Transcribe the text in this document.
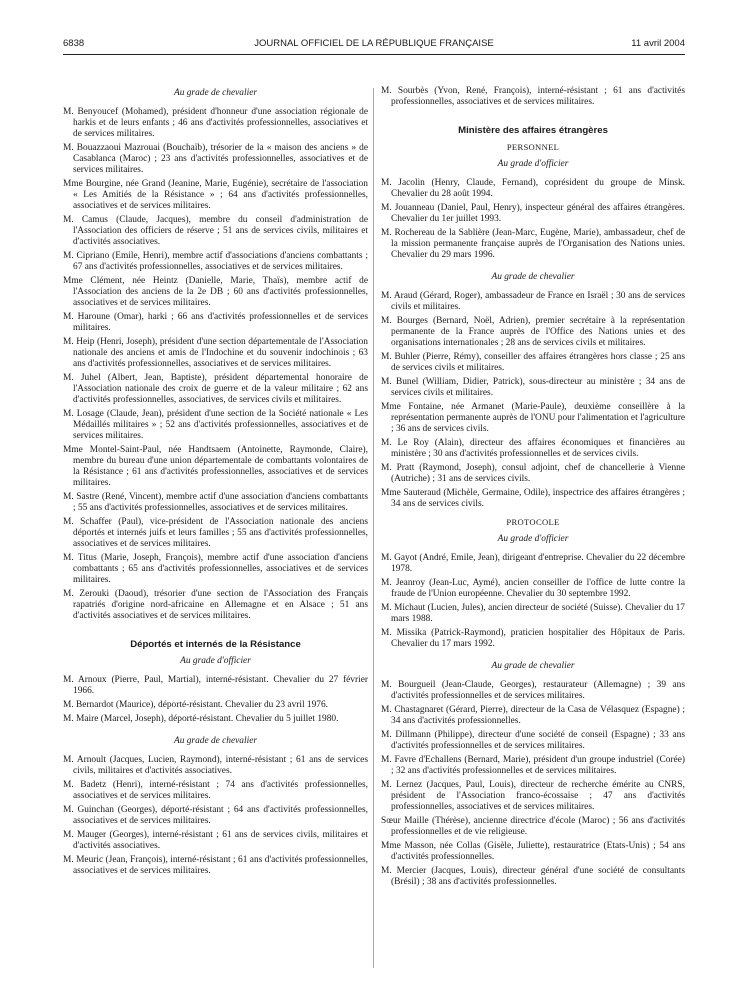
6838	JOURNAL OFFICIEL DE LA RÉPUBLIQUE FRANÇAISE	11 avril 2004
Au grade de chevalier

M. Benyoucef (Mohamed), président d'honneur d'une association régionale de harkis et de leurs enfants ; 46 ans d'activités professionnelles, associatives et de services militaires.

M. Bouazzaoui Mazrouai (Bouchaïb), trésorier de la « maison des anciens » de Casablanca (Maroc) ; 23 ans d'activités professionnelles, associatives et de services militaires.

Mme Bourgine, née Grand (Jeanine, Marie, Eugénie), secrétaire de l'association « Les Amitiés de la Résistance » ; 64 ans d'activités professionnelles, associatives et de services militaires.

M. Camus (Claude, Jacques), membre du conseil d'administration de l'Association des officiers de réserve ; 51 ans de services civils, militaires et d'activités associatives.

M. Cipriano (Emile, Henri), membre actif d'associations d'anciens combattants ; 67 ans d'activités professionnelles, associatives et de services militaires.

Mme Clément, née Heintz (Danielle, Marie, Thaïs), membre actif de l'Association des anciens de la 2e DB ; 60 ans d'activités professionnelles, associatives et de services militaires.

M. Haroune (Omar), harki ; 66 ans d'activités professionnelles et de services militaires.

M. Heip (Henri, Joseph), président d'une section départementale de l'Association nationale des anciens et amis de l'Indochine et du souvenir indochinois ; 63 ans d'activités professionnelles, associatives et de services militaires.

M. Juhel (Albert, Jean, Baptiste), président départemental honoraire de l'Association nationale des croix de guerre et de la valeur militaire ; 62 ans d'activités professionnelles, associatives, de services civils et militaires.

M. Losage (Claude, Jean), président d'une section de la Société nationale « Les Médaillés militaires » ; 52 ans d'activités professionnelles, associatives et de services militaires.

Mme Montel-Saint-Paul, née Handtsaem (Antoinette, Raymonde, Claire), membre du bureau d'une union départementale de combattants volontaires de la Résistance ; 61 ans d'activités professionnelles, associatives et de services militaires.

M. Sastre (René, Vincent), membre actif d'une association d'anciens combattants ; 55 ans d'activités professionnelles, associatives et de services militaires.

M. Schaffer (Paul), vice-président de l'Association nationale des anciens déportés et internés juifs et leurs familles ; 55 ans d'activités professionnelles, associatives et de services militaires.

M. Titus (Marie, Joseph, François), membre actif d'une association d'anciens combattants ; 65 ans d'activités professionnelles, associatives et de services militaires.

M. Zerouki (Daoud), trésorier d'une section de l'Association des Français rapatriés d'origine nord-africaine en Allemagne et en Alsace ; 51 ans d'activités associatives et de services militaires.

Déportés et internés de la Résistance
Au grade d'officier

M. Arnoux (Pierre, Paul, Martial), interné-résistant. Chevalier du 27 février 1966.

M. Bernardot (Maurice), déporté-résistant. Chevalier du 23 avril 1976.

M. Maire (Marcel, Joseph), déporté-résistant. Chevalier du 5 juillet 1980.

Au grade de chevalier

M. Arnoult (Jacques, Lucien, Raymond), interné-résistant ; 61 ans de services civils, militaires et d'activités associatives.

M. Badetz (Henri), interné-résistant ; 74 ans d'activités professionnelles, associatives et de services militaires.

M. Guinchan (Georges), déporté-résistant ; 64 ans d'activités professionnelles, associatives et de services militaires.

M. Mauger (Georges), interné-résistant ; 61 ans de services civils, militaires et d'activités associatives.

M. Meuric (Jean, François), interné-résistant ; 61 ans d'activités professionnelles, associatives et de services militaires.

M. Sourbès (Yvon, René, François), interné-résistant ; 61 ans d'activités professionnelles, associatives et de services militaires.

Ministère des affaires étrangères
PERSONNEL
Au grade d'officier

M. Jacolin (Henry, Claude, Fernand), coprésident du groupe de Minsk. Chevalier du 28 août 1994.

M. Jouanneau (Daniel, Paul, Henry), inspecteur général des affaires étrangères. Chevalier du 1er juillet 1993.

M. Rochereau de la Sablière (Jean-Marc, Eugène, Marie), ambassadeur, chef de la mission permanente française auprès de l'Organisation des Nations unies. Chevalier du 29 mars 1996.

Au grade de chevalier

M. Araud (Gérard, Roger), ambassadeur de France en Israël ; 30 ans de services civils et militaires.

M. Bourges (Bernard, Noël, Adrien), premier secrétaire à la représentation permanente de la France auprès de l'Office des Nations unies et des organisations internationales ; 28 ans de services civils et militaires.

M. Buhler (Pierre, Rémy), conseiller des affaires étrangères hors classe ; 25 ans de services civils et militaires.

M. Bunel (William, Didier, Patrick), sous-directeur au ministère ; 34 ans de services civils et militaires.

Mme Fontaine, née Armanet (Marie-Paule), deuxième conseillère à la représentation permanente auprès de l'ONU pour l'alimentation et l'agriculture ; 36 ans de services civils.

M. Le Roy (Alain), directeur des affaires économiques et financières au ministère ; 30 ans d'activités professionnelles et de services civils.

M. Pratt (Raymond, Joseph), consul adjoint, chef de chancellerie à Vienne (Autriche) ; 31 ans de services civils.

Mme Sauteraud (Michèle, Germaine, Odile), inspectrice des affaires étrangères ; 34 ans de services civils.

PROTOCOLE
Au grade d'officier

M. Gayot (André, Emile, Jean), dirigeant d'entreprise. Chevalier du 22 décembre 1978.

M. Jeanroy (Jean-Luc, Aymé), ancien conseiller de l'office de lutte contre la fraude de l'Union européenne. Chevalier du 30 septembre 1992.

M. Michaut (Lucien, Jules), ancien directeur de société (Suisse). Chevalier du 17 mars 1988.

M. Missika (Patrick-Raymond), praticien hospitalier des Hôpitaux de Paris. Chevalier du 17 mars 1992.

Au grade de chevalier

M. Bourgueil (Jean-Claude, Georges), restaurateur (Allemagne) ; 39 ans d'activités professionnelles et de services militaires.

M. Chastagnaret (Gérard, Pierre), directeur de la Casa de Vélasquez (Espagne) ; 34 ans d'activités professionnelles.

M. Dillmann (Philippe), directeur d'une société de conseil (Espagne) ; 33 ans d'activités professionnelles et de services militaires.

M. Favre d'Echallens (Bernard, Marie), président d'un groupe industriel (Corée) ; 32 ans d'activités professionnelles et de services militaires.

M. Lernez (Jacques, Paul, Louis), directeur de recherche émérite au CNRS, président de l'Association franco-écossaise ; 47 ans d'activités professionnelles, associatives et de services militaires.

Sœur Maille (Thérèse), ancienne directrice d'école (Maroc) ; 56 ans d'activités professionnelles et de vie religieuse.

Mme Masson, née Collas (Gisèle, Juliette), restauratrice (Etats-Unis) ; 54 ans d'activités professionnelles.

M. Mercier (Jacques, Louis), directeur général d'une société de consultants (Brésil) ; 38 ans d'activités professionnelles.
